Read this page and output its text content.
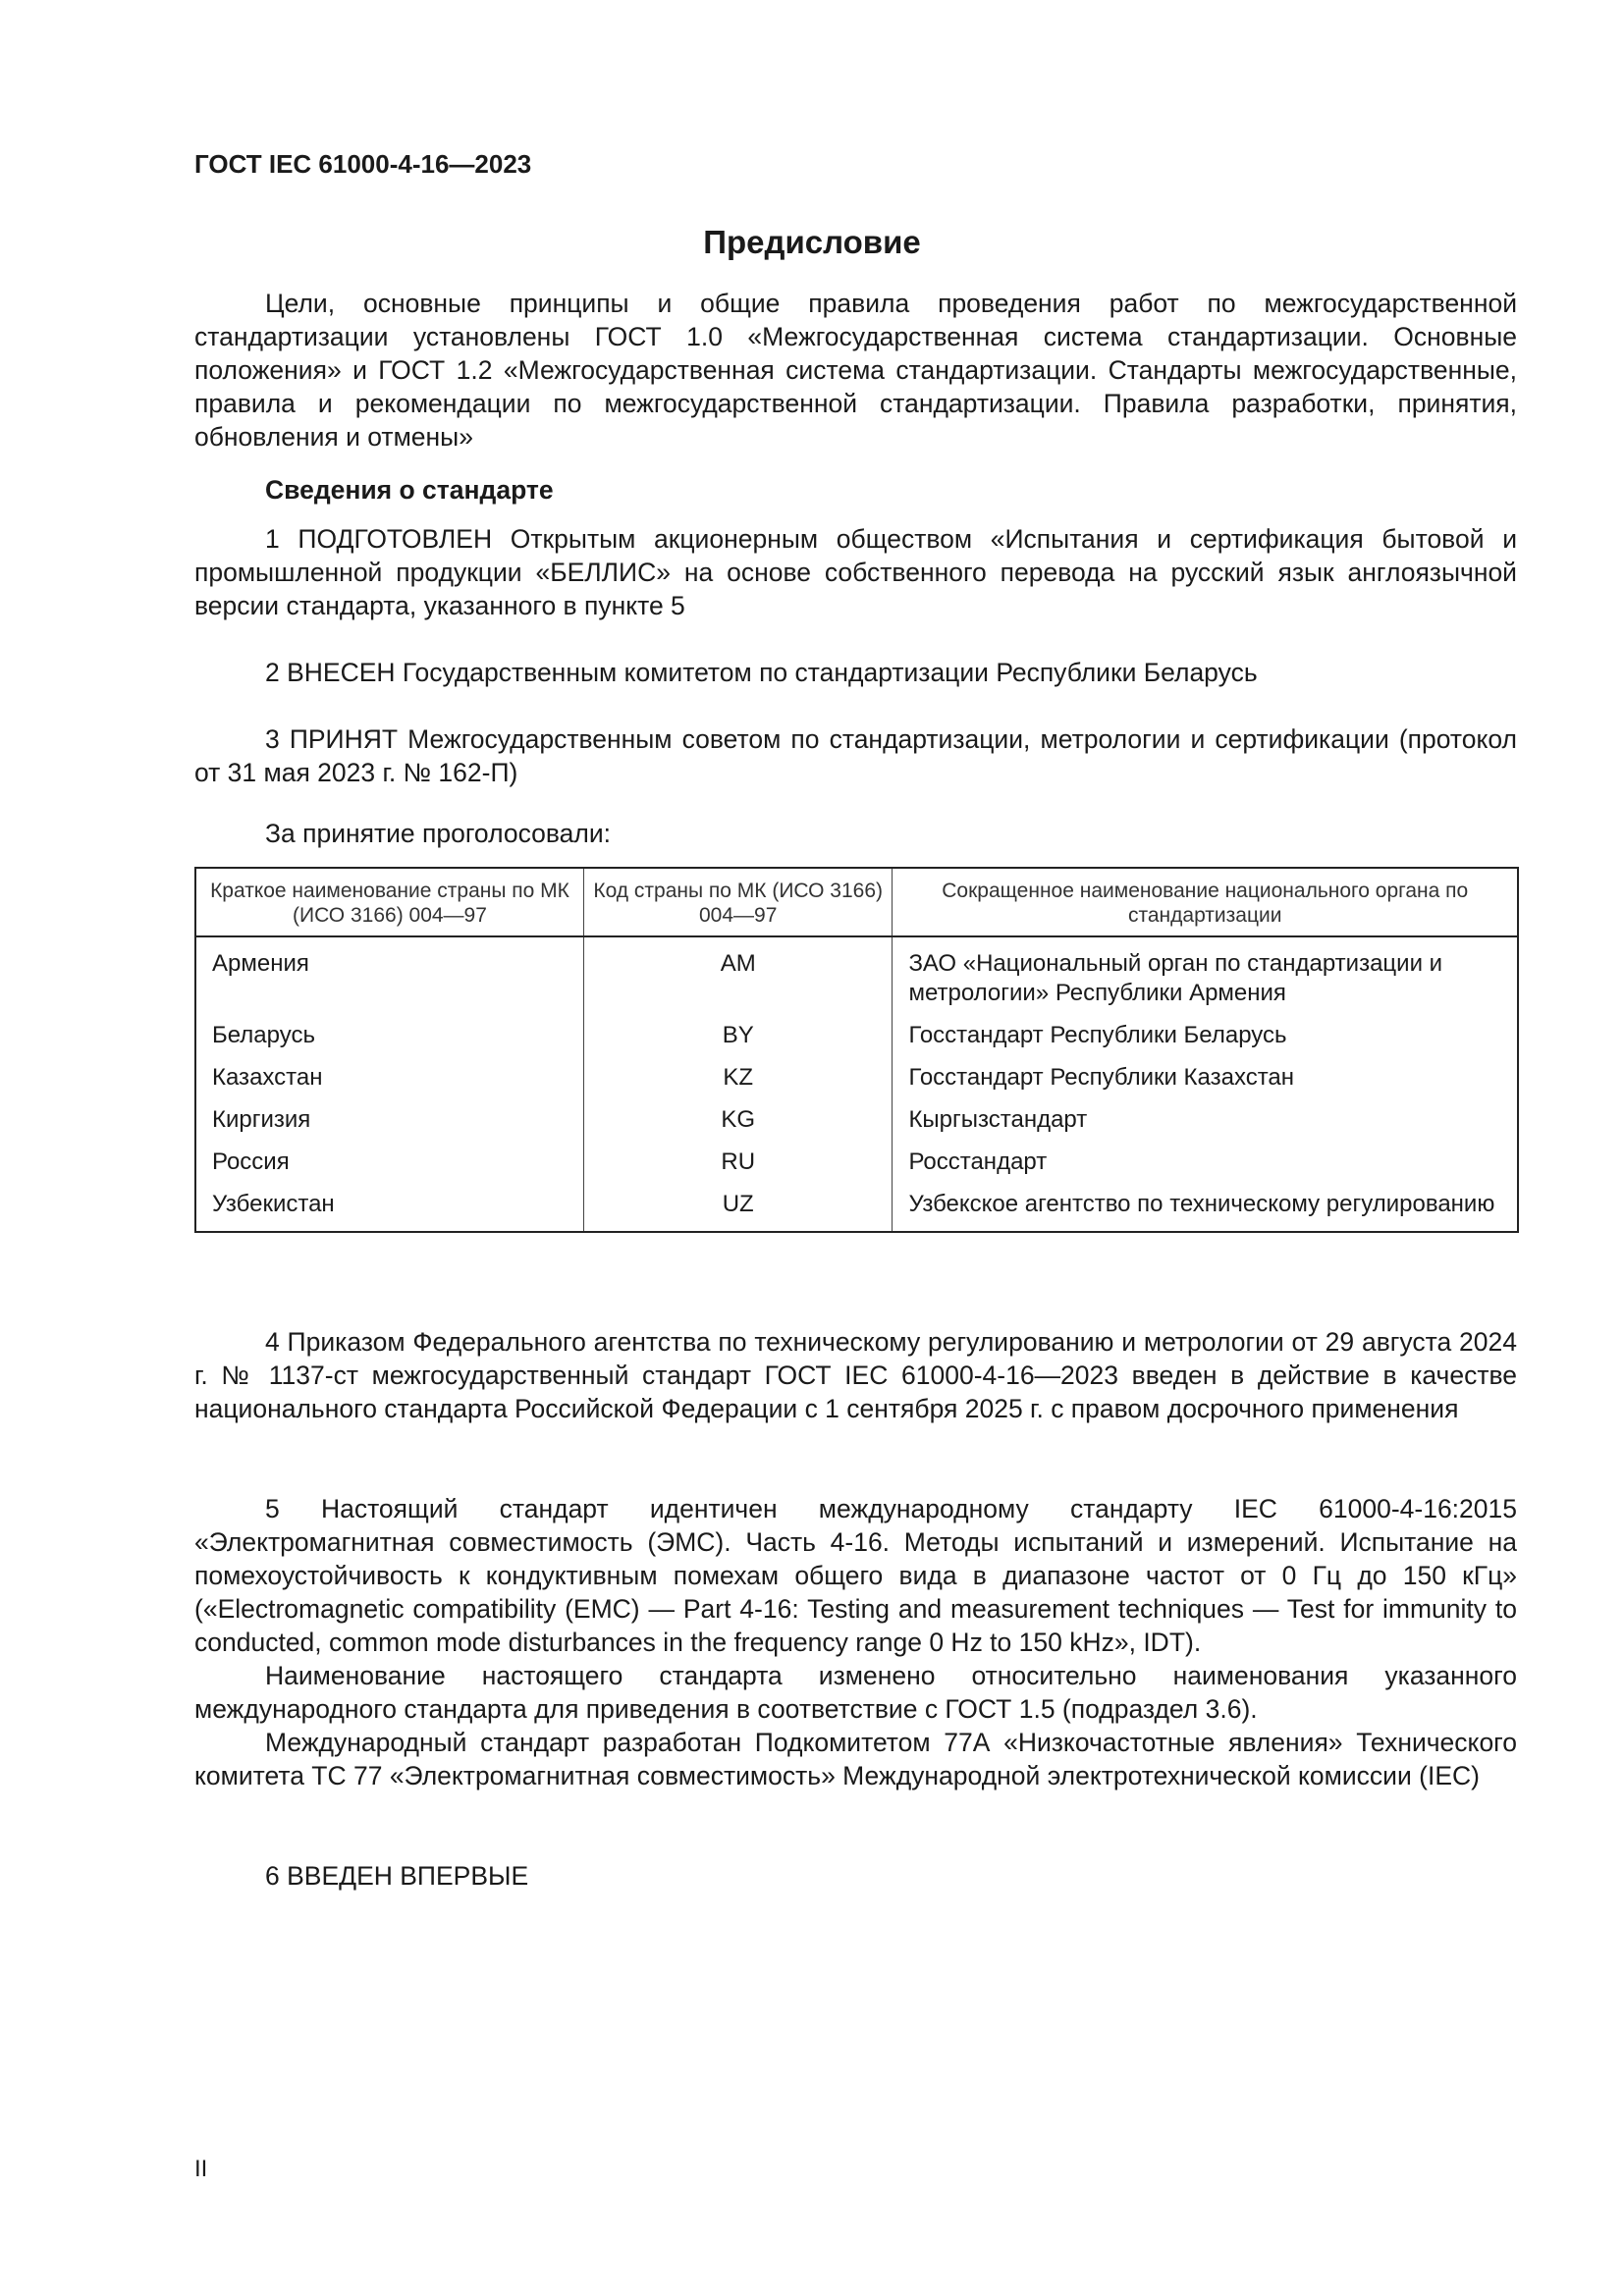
ГОСТ IEC 61000-4-16—2023
Предисловие

Цели, основные принципы и общие правила проведения работ по межгосударственной стандартизации установлены ГОСТ 1.0 «Межгосударственная система стандартизации. Основные положения» и ГОСТ 1.2 «Межгосударственная система стандартизации. Стандарты межгосударственные, правила и рекомендации по межгосударственной стандартизации. Правила разработки, принятия, обновления и отмены»

Сведения о стандарте

1 ПОДГОТОВЛЕН Открытым акционерным обществом «Испытания и сертификация бытовой и промышленной продукции «БЕЛЛИС» на основе собственного перевода на русский язык англоязычной версии стандарта, указанного в пункте 5

2 ВНЕСЕН Государственным комитетом по стандартизации Республики Беларусь

3 ПРИНЯТ Межгосударственным советом по стандартизации, метрологии и сертификации (протокол от 31 мая 2023 г. № 162-П)

За принятие проголосовали:
Краткое наименование страны по МК (ИСО 3166) 004—97	Код страны по МК (ИСО 3166) 004—97	Сокращенное наименование национального органа по стандартизации
Армения	AM	ЗАО «Национальный орган по стандартизации и метрологии» Республики Армения
Беларусь	BY	Госстандарт Республики Беларусь
Казахстан	KZ	Госстандарт Республики Казахстан
Киргизия	KG	Кыргызстандарт
Россия	RU	Росстандарт
Узбекистан	UZ	Узбекское агентство по техническому регулированию

4 Приказом Федерального агентства по техническому регулированию и метрологии от 29 августа 2024 г. № 1137-ст межгосударственный стандарт ГОСТ IEC 61000-4-16—2023 введен в действие в качестве национального стандарта Российской Федерации с 1 сентября 2025 г. с правом досрочного применения

5 Настоящий стандарт идентичен международному стандарту IEC 61000-4-16:2015 «Электромагнитная совместимость (ЭМС). Часть 4-16. Методы испытаний и измерений. Испытание на помехоустойчивость к кондуктивным помехам общего вида в диапазоне частот от 0 Гц до 150 кГц» («Electromagnetic compatibility (EMC) — Part 4-16: Testing and measurement techniques — Test for immunity to conducted, common mode disturbances in the frequency range 0 Hz to 150 kHz», IDT).

Наименование настоящего стандарта изменено относительно наименования указанного международного стандарта для приведения в соответствие с ГОСТ 1.5 (подраздел 3.6).

Международный стандарт разработан Подкомитетом 77А «Низкочастотные явления» Технического комитета ТС 77 «Электромагнитная совместимость» Международной электротехнической комиссии (IEC)

6 ВВЕДЕН ВПЕРВЫЕ

II
